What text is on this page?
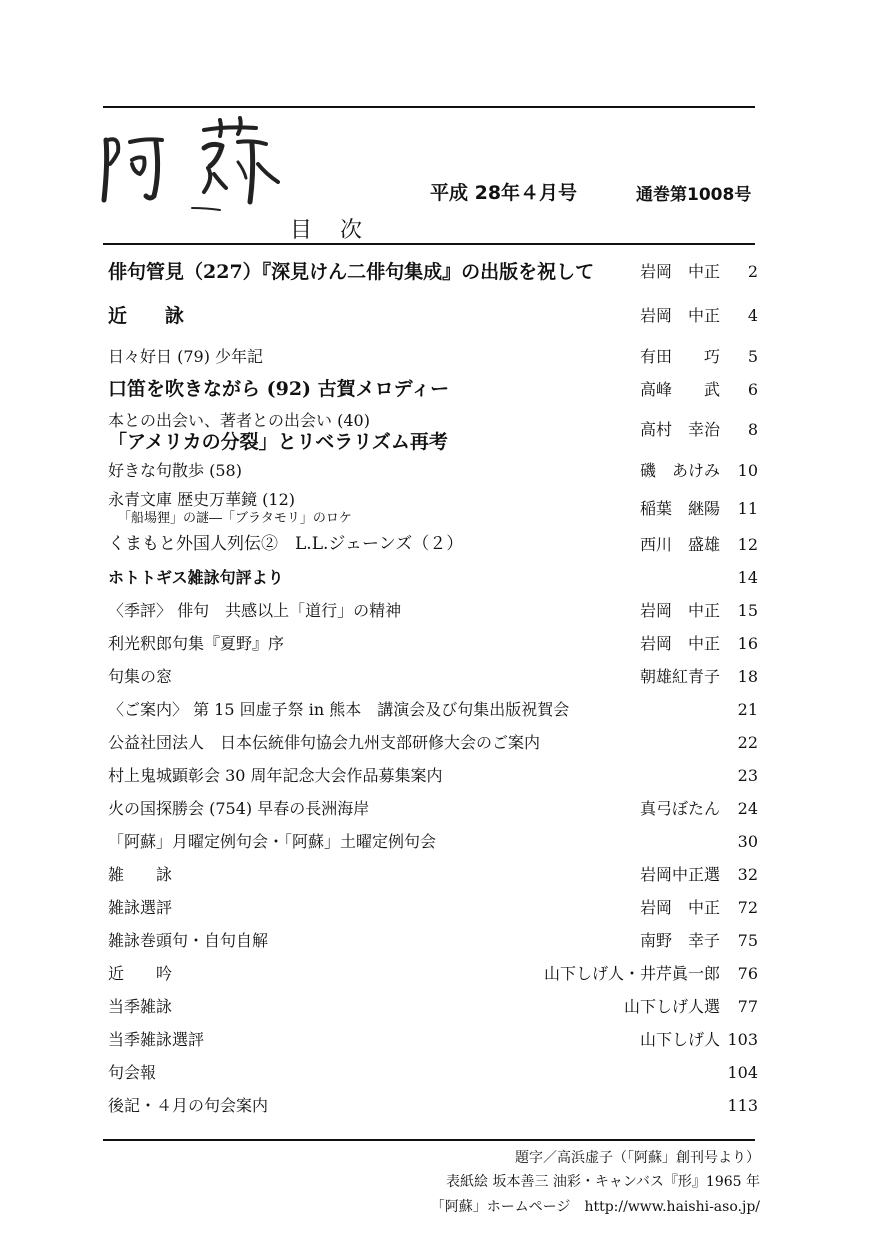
平成 28年４月号	通巻第1008号
目次
俳句管見（227）『深見けん二俳句集成』の出版を祝して	岩岡　中正	2
近　　詠	岩岡　中正	4
日々好日 (79) 少年記	有田　　巧	5
口笛を吹きながら (92) 古賀メロディー	高峰　　武	6
本との出会い、著者との出会い (40)
「アメリカの分裂」とリベラリズム再考
高村　幸治	8
好きな句散歩 (58)	磯　あけみ	10
永青文庫 歴史万華鏡 (12)
「船場狸」の謎―「ブラタモリ」のロケ
稲葉　継陽	11
くまもと外国人列伝②　L.L.ジェーンズ（２）	西川　盛雄	12
ホトトギス雑詠句評より	14
〈季評〉 俳句　共感以上「道行」の精神	岩岡　中正	15
利光釈郎句集『夏野』序	岩岡　中正	16
句集の窓	朝雄紅青子	18
〈ご案内〉 第 15 回虚子祭 in 熊本　講演会及び句集出版祝賀会	21
公益社団法人　日本伝統俳句協会九州支部研修大会のご案内	22
村上鬼城顕彰会 30 周年記念大会作品募集案内	23
火の国探勝会 (754) 早春の長洲海岸	真弓ぼたん	24
「阿蘇」月曜定例句会・「阿蘇」土曜定例句会	30
雑　　詠	岩岡中正選	32
雑詠選評	岩岡　中正	72
雑詠巻頭句・自句自解	南野　幸子	75
近　　吟	山下しげ人・井芹眞一郎	76
当季雑詠	山下しげ人選	77
当季雑詠選評	山下しげ人 103
句会報	104
後記・４月の句会案内	113
題字／高浜虚子（「阿蘇」創刊号より）
表紙絵 坂本善三 油彩・キャンバス『形』1965 年
「阿蘇」ホームページ　http://www.haishi-aso.jp/
